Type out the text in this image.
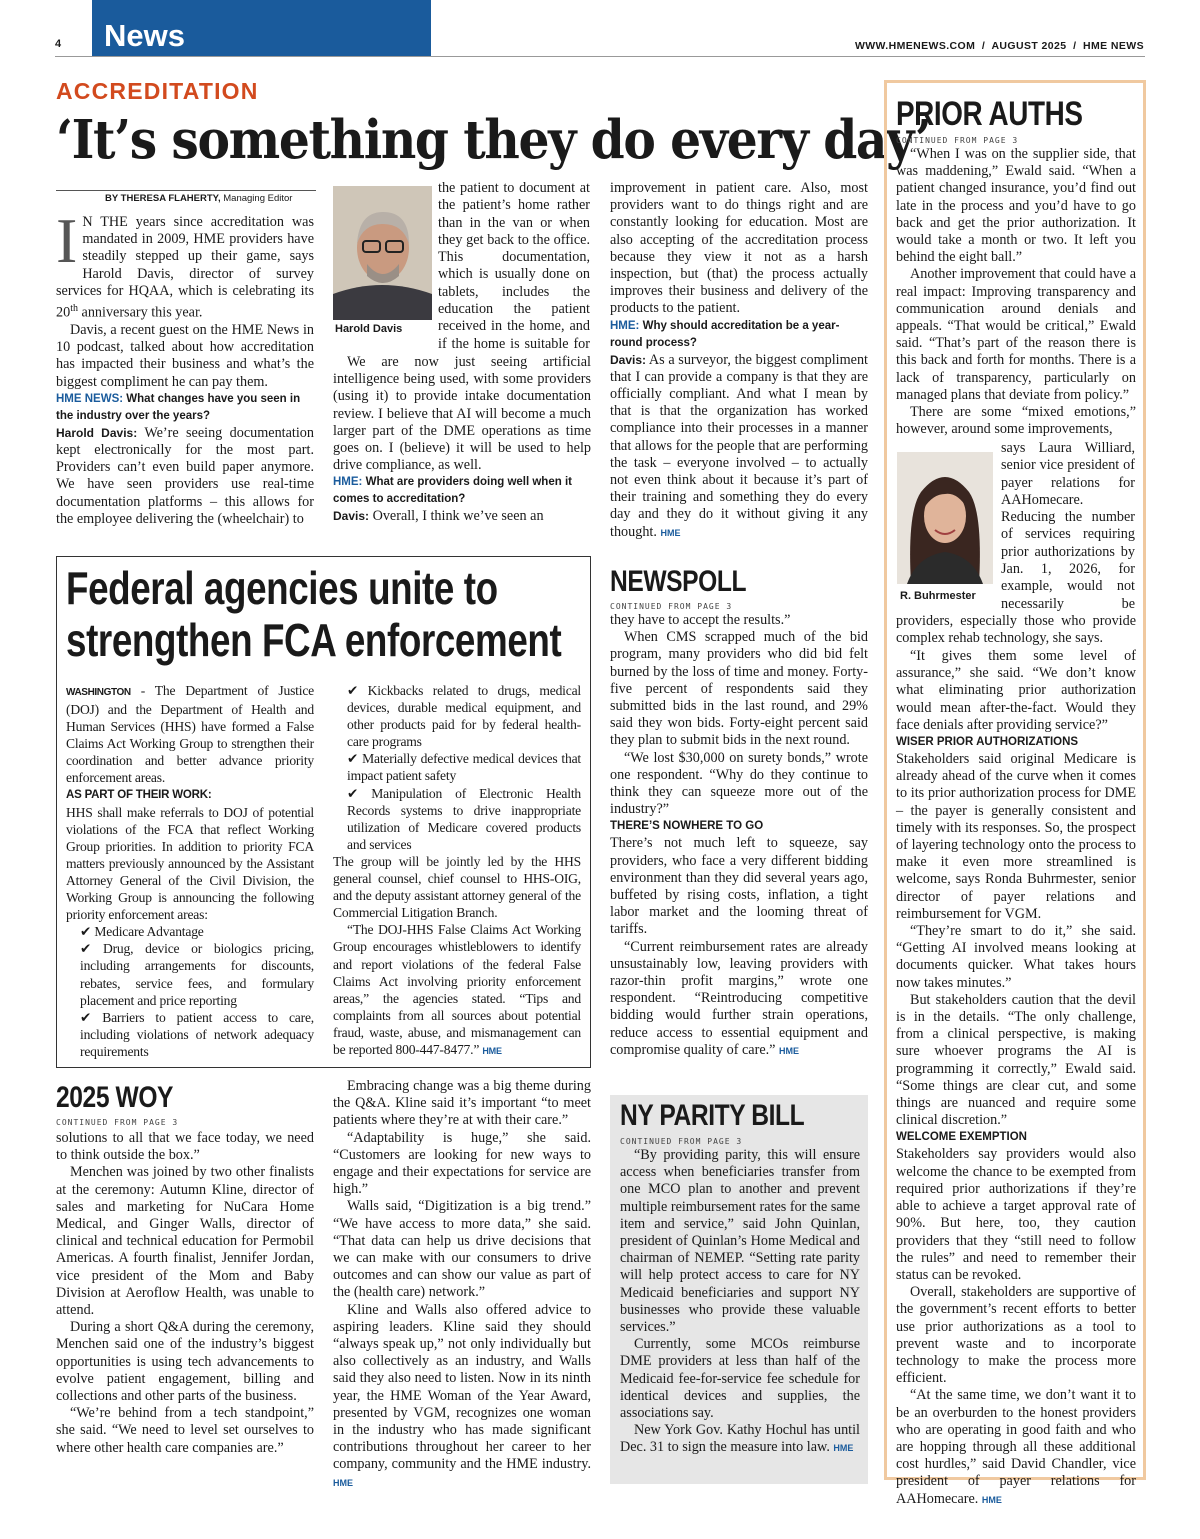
4 News	WWW.HMENEWS.COM  /  AUGUST 2025  /  HME NEWS
ACCREDITATION
‘It’s something they do every day’
BY THERESA FLAHERTY, Managing Editor

I N THE years since accreditation was mandated in 2009, HME providers have steadily stepped up their game, says Harold Davis, director of survey services for HQAA, which is celebrating its 20th anniversary this year.

Davis, a recent guest on the HME News in 10 podcast, talked about how accreditation has impacted their business and what’s the biggest compliment he can pay them.

HME NEWS: What changes have you seen in the industry over the years?

Harold Davis: We’re seeing documentation kept electronically for the most part. Providers can’t even build paper anymore. We have seen providers use real-time documentation platforms – this allows for the employee delivering the (wheelchair) to

Harold Davis

the patient to document at the patient’s home rather than in the van or when they get back to the office. This documentation, which is usually done on tablets, includes the education the patient received in the home, and if the home is suitable for

We are now just seeing artificial intelligence being used, with some providers (using it) to provide intake documentation review. I believe that AI will become a much larger part of the DME operations as time goes on. I (believe) it will be used to help drive compliance, as well.

HME: What are providers doing well when it comes to accreditation?

Davis: Overall, I think we’ve seen an

improvement in patient care. Also, most providers want to do things right and are constantly looking for education. Most are also accepting of the accreditation process because they view it not as a harsh inspection, but (that) the process actually improves their business and delivery of the products to the patient.

HME: Why should accreditation be a year-round process?

Davis: As a surveyor, the biggest compliment that I can provide a company is that they are officially compliant. And what I mean by that is that the organization has worked compliance into their processes in a manner that allows for the people that are performing the task – everyone involved – to actually not even think about it because it’s part of their training and something they do every day and they do it without giving it any thought. HME

Federal agencies unite to strengthen FCA enforcement

WASHINGTON - The Department of Justice (DOJ) and the Department of Health and Human Services (HHS) have formed a False Claims Act Working Group to strengthen their coordination and better advance priority enforcement areas.

AS PART OF THEIR WORK:

HHS shall make referrals to DOJ of potential violations of the FCA that reflect Working Group priorities. In addition to priority FCA matters previously announced by the Assistant Attorney General of the Civil Division, the Working Group is announcing the following priority enforcement areas:

✔ Medicare Advantage

✔ Drug, device or biologics pricing, including arrangements for discounts, rebates, service fees, and formulary placement and price reporting

✔ Barriers to patient access to care, including violations of network adequacy requirements

✔ Kickbacks related to drugs, medical devices, durable medical equipment, and other products paid for by federal health-care programs

✔ Materially defective medical devices that impact patient safety

✔ Manipulation of Electronic Health Records systems to drive inappropriate utilization of Medicare covered products and services

The group will be jointly led by the HHS general counsel, chief counsel to HHS-OIG, and the deputy assistant attorney general of the Commercial Litigation Branch.

“The DOJ-HHS False Claims Act Working Group encourages whistleblowers to identify and report violations of the federal False Claims Act involving priority enforcement areas,” the agencies stated. “Tips and complaints from all sources about potential fraud, waste, abuse, and mismanagement can be reported 800-447-8477.” HME

2025 WOY
CONTINUED FROM PAGE 3

solutions to all that we face today, we need to think outside the box.”

Menchen was joined by two other finalists at the ceremony: Autumn Kline, director of sales and marketing for NuCara Home Medical, and Ginger Walls, director of clinical and technical education for Permobil Americas. A fourth finalist, Jennifer Jordan, vice president of the Mom and Baby Division at Aeroflow Health, was unable to attend.

During a short Q&A during the ceremony, Menchen said one of the industry’s biggest opportunities is using tech advancements to evolve patient engagement, billing and collections and other parts of the business.

“We’re behind from a tech standpoint,” she said. “We need to level set ourselves to where other health care companies are.”

Embracing change was a big theme during the Q&A. Kline said it’s important “to meet patients where they’re at with their care.”

“Adaptability is huge,” she said. “Customers are looking for new ways to engage and their expectations for service are high.”

Walls said, “Digitization is a big trend.” “We have access to more data,” she said. “That data can help us drive decisions that we can make with our consumers to drive outcomes and can show our value as part of the (health care) network.”

Kline and Walls also offered advice to aspiring leaders. Kline said they should “always speak up,” not only individually but also collectively as an industry, and Walls said they also need to listen. Now in its ninth year, the HME Woman of the Year Award, presented by VGM, recognizes one woman in the industry who has made significant contributions throughout her career to her company, community and the HME industry. HME

NEWSPOLL
CONTINUED FROM PAGE 3

they have to accept the results.”

When CMS scrapped much of the bid program, many providers who did bid felt burned by the loss of time and money. Forty-five percent of respondents said they submitted bids in the last round, and 29% said they won bids. Forty-eight percent said they plan to submit bids in the next round.

“We lost $30,000 on surety bonds,” wrote one respondent. “Why do they continue to think they can squeeze more out of the industry?”

THERE’S NOWHERE TO GO

There’s not much left to squeeze, say providers, who face a very different bidding environment than they did several years ago, buffeted by rising costs, inflation, a tight labor market and the looming threat of tariffs.

“Current reimbursement rates are already unsustainably low, leaving providers with razor-thin profit margins,” wrote one respondent. “Reintroducing competitive bidding would further strain operations, reduce access to essential equipment and compromise quality of care.” HME

NY PARITY BILL
CONTINUED FROM PAGE 3

“By providing parity, this will ensure access when beneficiaries transfer from one MCO plan to another and prevent multiple reimbursement rates for the same item and service,” said John Quinlan, president of Quinlan’s Home Medical and chairman of NEMEP. “Setting rate parity will help protect access to care for NY Medicaid beneficiaries and support NY businesses who provide these valuable services.”

Currently, some MCOs reimburse DME providers at less than half of the Medicaid fee-for-service fee schedule for identical devices and supplies, the associations say.

New York Gov. Kathy Hochul has until Dec. 31 to sign the measure into law. HME

PRIOR AUTHS
CONTINUED FROM PAGE 3

“When I was on the supplier side, that was maddening,” Ewald said. “When a patient changed insurance, you’d find out late in the process and you’d have to go back and get the prior authorization. It would take a month or two. It left you behind the eight ball.”

Another improvement that could have a real impact: Improving transparency and communication around denials and appeals. “That would be critical,” Ewald said. “That’s part of the reason there is this back and forth for months. There is a lack of transparency, particularly on managed plans that deviate from policy.”

There are some “mixed emotions,” however, around some improvements,

R. Buhrmester

says Laura Williard, senior vice president of payer relations for AAHomecare. Reducing the number of services requiring prior authorizations by Jan. 1, 2026, for example, would not necessarily be

providers, especially those who provide complex rehab technology, she says.

“It gives them some level of assurance,” she said. “We don’t know what eliminating prior authorization would mean after-the-fact. Would they face denials after providing service?”

WISER PRIOR AUTHORIZATIONS

Stakeholders said original Medicare is already ahead of the curve when it comes to its prior authorization process for DME – the payer is generally consistent and timely with its responses. So, the prospect of layering technology onto the process to make it even more streamlined is welcome, says Ronda Buhrmester, senior director of payer relations and reimbursement for VGM.

“They’re smart to do it,” she said. “Getting AI involved means looking at documents quicker. What takes hours now takes minutes.”

But stakeholders caution that the devil is in the details. “The only challenge, from a clinical perspective, is making sure whoever programs the AI is programming it correctly,” Ewald said. “Some things are clear cut, and some things are nuanced and require some clinical discretion.”

WELCOME EXEMPTION

Stakeholders say providers would also welcome the chance to be exempted from required prior authorizations if they’re able to achieve a target approval rate of 90%. But here, too, they caution providers that they “still need to follow the rules” and need to remember their status can be revoked.

Overall, stakeholders are supportive of the government’s recent efforts to better use prior authorizations as a tool to prevent waste and to incorporate technology to make the process more efficient.

“At the same time, we don’t want it to be an overburden to the honest providers who are operating in good faith and who are hopping through all these additional cost hurdles,” said David Chandler, vice president of payer relations for AAHomecare. HME
